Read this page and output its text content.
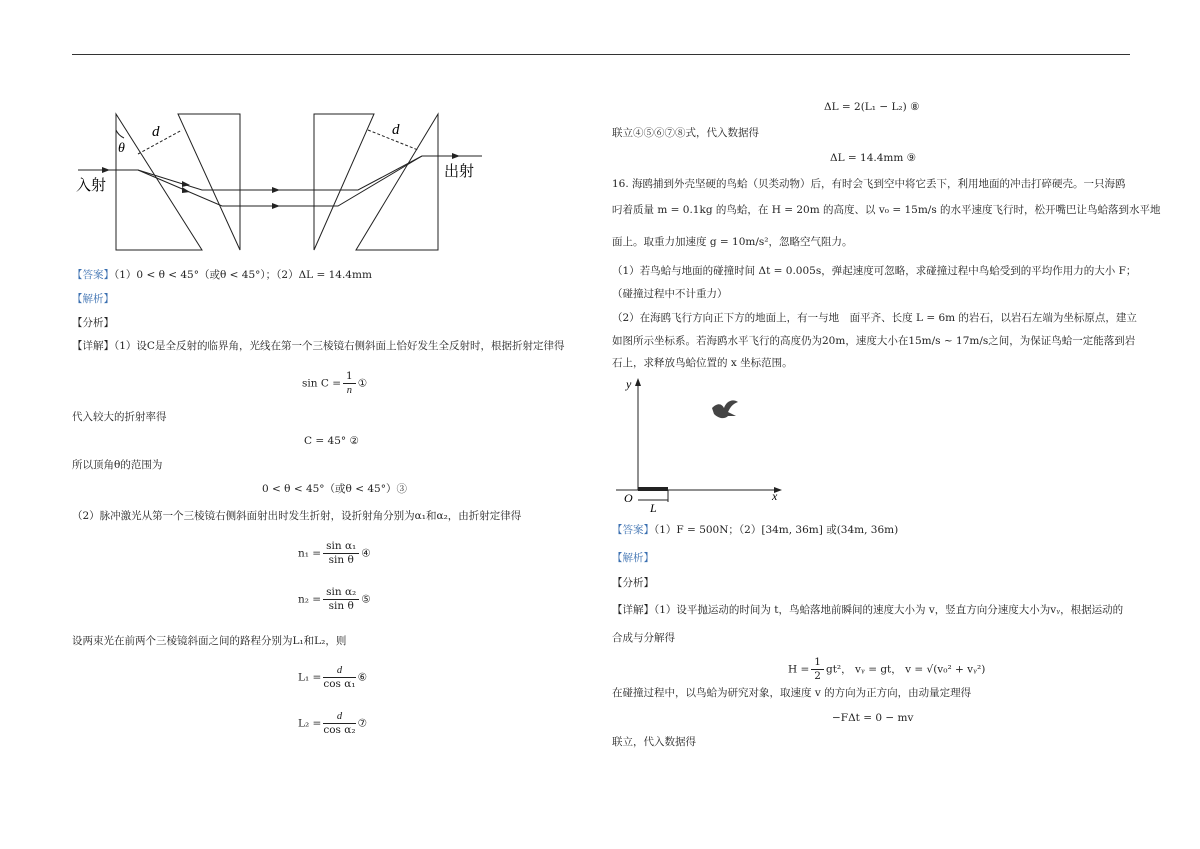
d	d
θ
入射
出射
【答案】（1）0 < θ < 45°（或θ < 45°）；（2）ΔL = 14.4mm
【解析】
【分析】
【详解】（1）设C是全反射的临界角，光线在第一个三棱镜右侧斜面上恰好发生全反射时，根据折射定律得
$\sin C = \frac{1}{n}$ ①
代入较大的折射率得
C = 45° ②
所以顶角θ的范围为
0 < θ < 45°（或θ < 45°）③
（2）脉冲激光从第一个三棱镜右侧斜面射出时发生折射，设折射角分别为α₁和α₂，由折射定律得
$n_1 = \frac{\text{sin α₁}}{\text{sin θ}}$ ④
$n_2 = \frac{\text{sin α₂}}{\text{sin θ}}$ ⑤
设两束光在前两个三棱镜斜面之间的路程分别为L₁和L₂，则
$L_1 = \frac{d}{\text{cos α₁}}$ ⑥
$L_2 = \frac{d}{\text{cos α₂}}$ ⑦
ΔL = 2(L₁ − L₂) ⑧
联立④⑤⑥⑦⑧式，代入数据得
ΔL = 14.4mm ⑨
16. 海鸥捕到外壳坚硬的鸟蛤（贝类动物）后，有时会飞到空中将它丢下，利用地面的冲击打碎硬壳。一只海鸥
叼着质量 m = 0.1kg 的鸟蛤，在 H = 20m 的高度、以 v₀ = 15m/s 的水平速度飞行时，松开嘴巴让鸟蛤落到水平地
面上。取重力加速度 g = 10m/s²，忽略空气阻力。
（1）若鸟蛤与地面的碰撞时间 Δt = 0.005s，弹起速度可忽略，求碰撞过程中鸟蛤受到的平均作用力的大小 F；
（碰撞过程中不计重力）
（2）在海鸥飞行方向正下方的地面上，有一与地　面平齐、长度 L = 6m 的岩石，以岩石左端为坐标原点，建立
如图所示坐标系。若海鸥水平飞行的高度仍为20m，速度大小在15m/s ~ 17m/s之间，为保证鸟蛤一定能落到岩
石上，求释放鸟蛤位置的 x 坐标范围。
y
x
O
L
【答案】（1）F = 500N；（2）[34m, 36m] 或(34m, 36m)
【解析】
【分析】
【详解】（1）设平抛运动的时间为 t，鸟蛤落地前瞬间的速度大小为 v，竖直方向分速度大小为vᵧ，根据运动的
合成与分解得
$H = \frac{1}{2} gt^2$， vᵧ = gt， v = √(v₀² + vᵧ²)
在碰撞过程中，以鸟蛤为研究对象，取速度 v 的方向为正方向，由动量定理得
−FΔt = 0 − mv
联立，代入数据得
